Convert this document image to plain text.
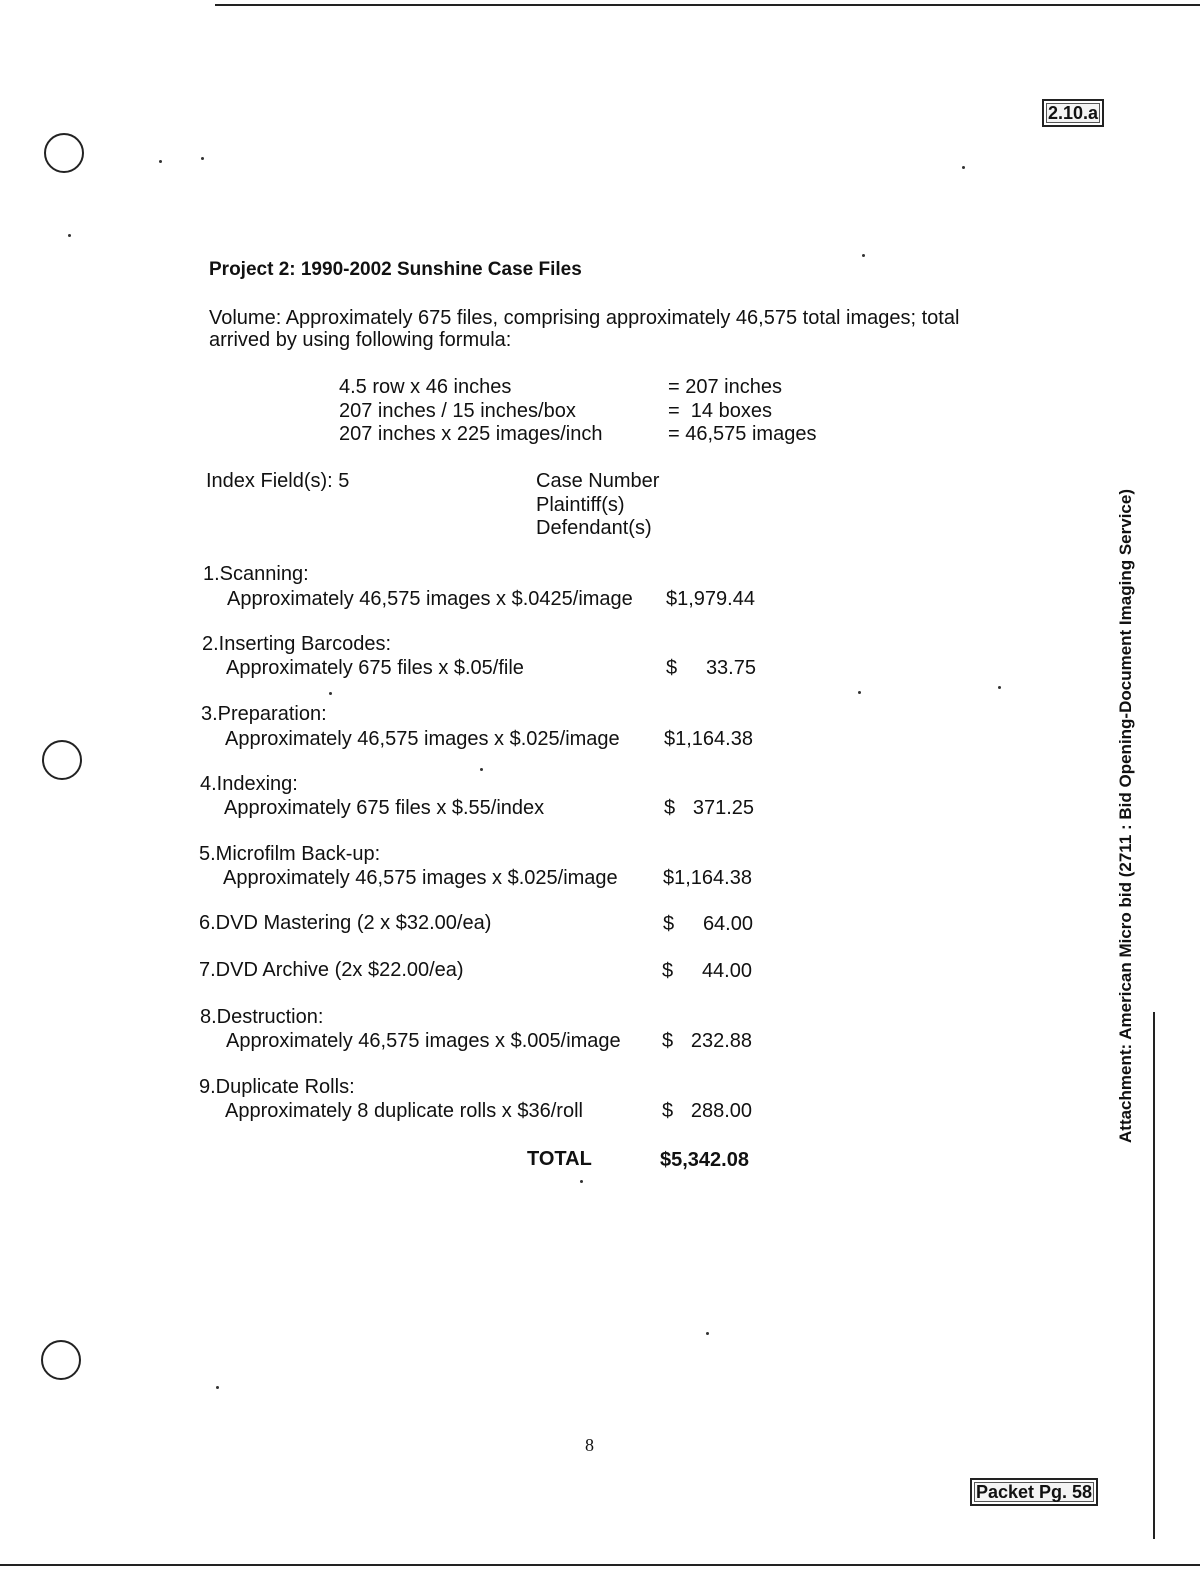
2.10.a
Packet Pg. 58
Attachment: American Micro bid (2711 : Bid Opening-Document Imaging Service)
Project 2: 1990-2002 Sunshine Case Files
Volume: Approximately 675 files, comprising approximately 46,575 total images; total
arrived by using following formula:
4.5 row x 46 inches	= 207 inches
207 inches / 15 inches/box	=  14 boxes
207 inches x 225 images/inch	= 46,575 images
Index Field(s): 5	Case Number
Plaintiff(s)
Defendant(s)
1.Scanning:
Approximately 46,575 images x $.0425/image $1,979.44
2.Inserting Barcodes:
Approximately 675 files x $.05/file	$	33.75
3.Preparation:
Approximately 46,575 images x $.025/image $1,164.38
4.Indexing:
Approximately 675 files x $.55/index	$ 371.25
5.Microfilm Back-up:
Approximately 46,575 images x $.025/image $1,164.38
6.DVD Mastering (2 x $32.00/ea)	$	64.00
7.DVD Archive (2x $22.00/ea)	$	44.00
8.Destruction:
Approximately 46,575 images x $.005/image $ 232.88
9.Duplicate Rolls:
Approximately 8 duplicate rolls x $36/roll	$ 288.00
TOTAL	$5,342.08
8
